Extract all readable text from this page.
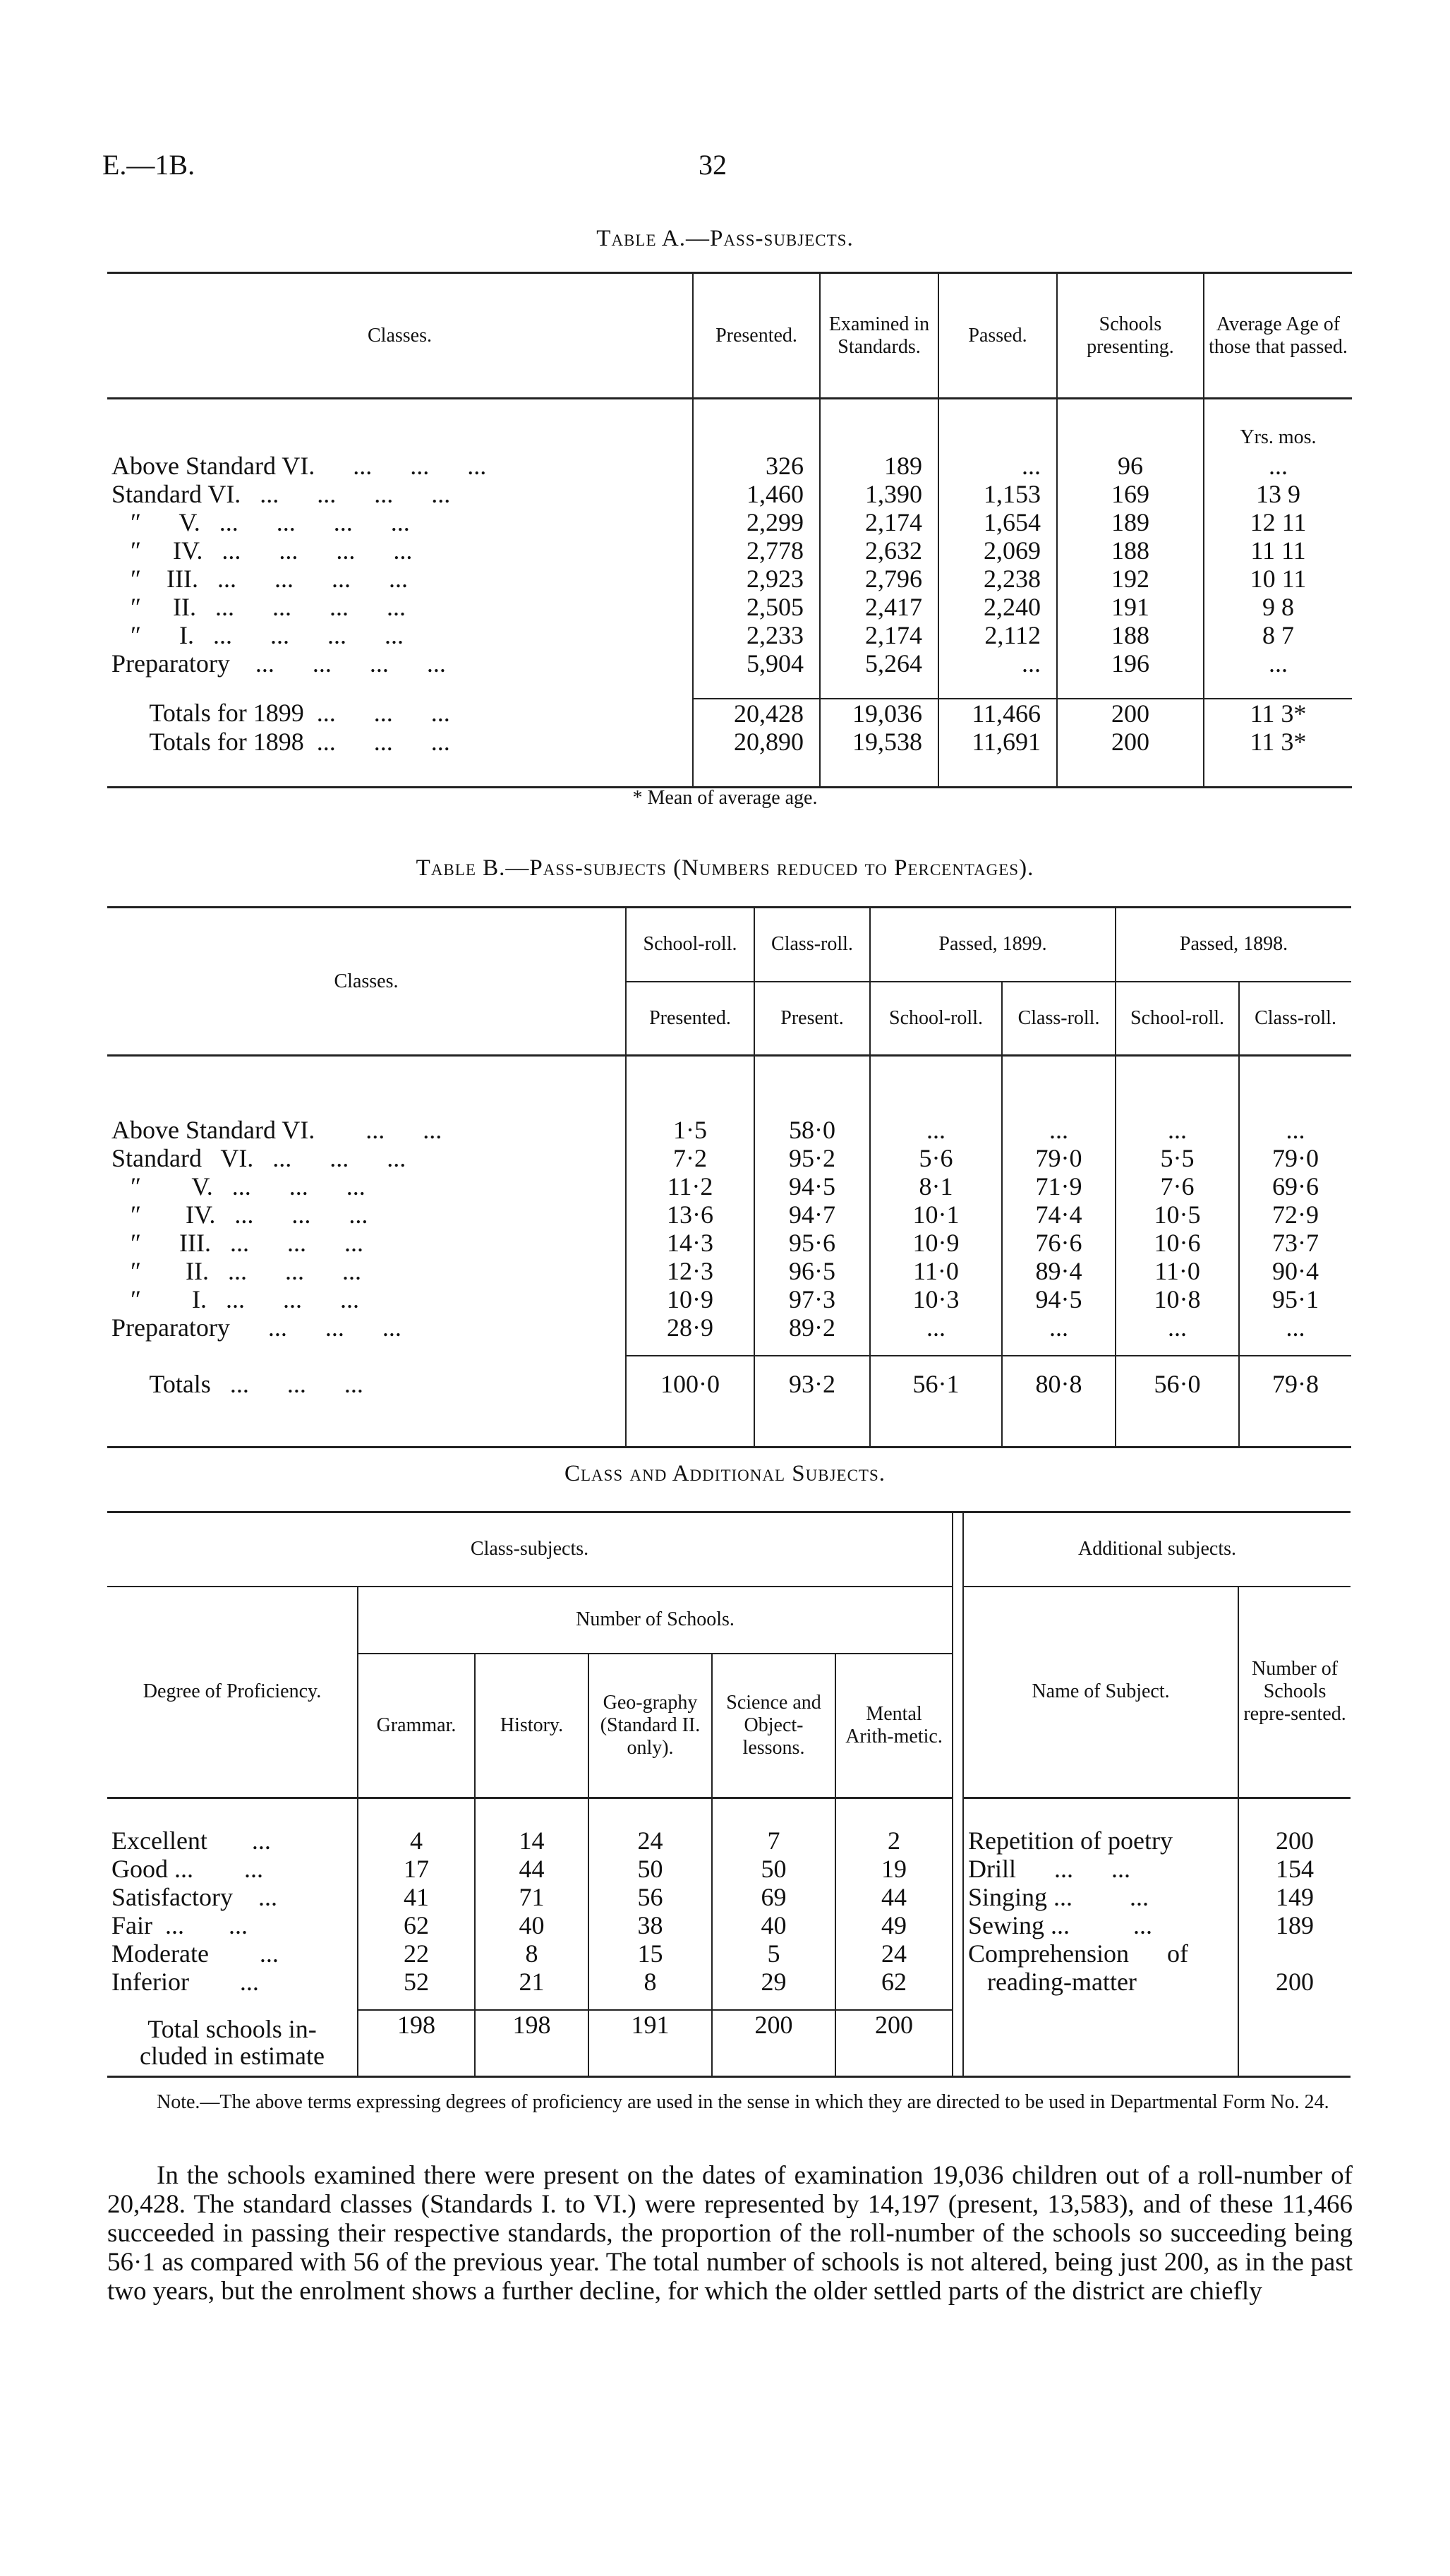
E.—1B.	32
Table A.—Pass-subjects.
Classes.	Presented.	Examined in Standards.	Passed.	Schools presenting.	Average Age of those that passed.
					Yrs. mos.
Above Standard VI.      ...      ...      ...	326	189	...	96	...
Standard VI.   ...      ...      ...      ...	1,460	1,390	1,153	169	13 9
″      V.   ...      ...      ...      ...	2,299	2,174	1,654	189	12 11
″     IV.   ...      ...      ...      ...	2,778	2,632	2,069	188	11 11
″    III.   ...      ...      ...      ...	2,923	2,796	2,238	192	10 11
″     II.   ...      ...      ...      ...	2,505	2,417	2,240	191	9 8
″      I.   ...      ...      ...      ...	2,233	2,174	2,112	188	8 7
Preparatory    ...      ...      ...      ...	5,904	5,264	...	196	...

Totals for 1899  ...      ...      ...	20,428	19,036	11,466	200	11 3*
Totals for 1898  ...      ...      ...	20,890	19,538	11,691	200	11 3*

* Mean of average age.
Table B.—Pass-subjects (Numbers reduced to Percentages).
Classes.	School-roll.	Class-roll.	Passed, 1899.		Passed, 1898.	
	Presented.	Present.	School-roll.	Class-roll.	School-roll.	Class-roll.

Above Standard VI.        ...      ...	1·5	58·0	...	...	...	...
Standard   VI.   ...      ...      ...	7·2	95·2	5·6	79·0	5·5	79·0
″        V.   ...      ...      ...	11·2	94·5	8·1	71·9	7·6	69·6
″       IV.   ...      ...      ...	13·6	94·7	10·1	74·4	10·5	72·9
″      III.   ...      ...      ...	14·3	95·6	10·9	76·6	10·6	73·7
″       II.   ...      ...      ...	12·3	96·5	11·0	89·4	11·0	90·4
″        I.   ...      ...      ...	10·9	97·3	10·3	94·5	10·8	95·1
Preparatory      ...      ...      ...	28·9	89·2	...	...	...	...

Totals   ...      ...      ...	100·0	93·2	56·1	80·8	56·0	79·8

Class and Additional Subjects.
Class-subjects.							Additional subjects.	
Degree of Proficiency.	Number of Schools.						Name of Subject.	Number of Schools repre-sented.
	Grammar.	History.	Geo-graphy (Standard II. only).	Science and Object-lessons.	Mental Arith-metic.			

Excellent       ...	4	14	24	7	2		Repetition of poetry	200
Good ...        ...	17	44	50	50	19		Drill      ...      ...	154
Satisfactory    ...	41	71	56	69	44		Singing ...         ...	149
Fair  ...       ...	62	40	38	40	49		Sewing ...          ...	189
Moderate        ...	22	8	15	5	24		Comprehension      of	
Inferior        ...	52	21	8	29	62		reading-matter	200

Total schools in-
cluded in estimate	198	198	191	200	200			
Note.—The above terms expressing degrees of proficiency are used in the sense in which they are directed to be used in Departmental Form No. 24.
In the schools examined there were present on the dates of examination 19,036 children out of a roll-number of 20,428. The standard classes (Standards I. to VI.) were represented by 14,197 (present, 13,583), and of these 11,466 succeeded in passing their respective standards, the proportion of the roll-number of the schools so succeeding being 56·1 as compared with 56 of the previous year. The total number of schools is not altered, being just 200, as in the past two years, but the enrolment shows a further decline, for which the older settled parts of the district are chiefly
